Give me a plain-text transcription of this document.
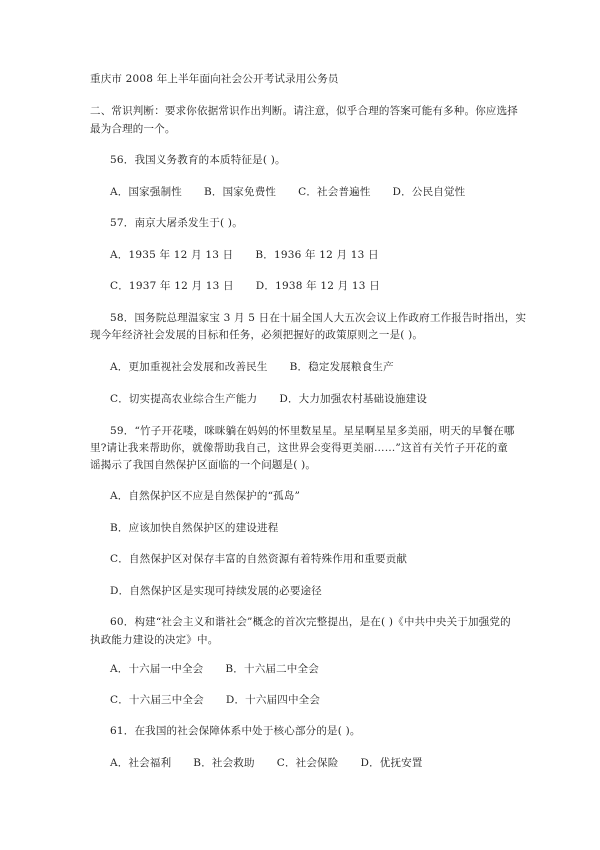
重庆市 2008 年上半年面向社会公开考试录用公务员
二、常识判断：要求你依据常识作出判断。请注意，似乎合理的答案可能有多种。你应选择
最为合理的一个。
56．我国义务教育的本质特征是( )。
A．国家强制性 B．国家免费性 C．社会普遍性 D．公民自觉性
57．南京大屠杀发生于( )。
A．1935 年 12 月 13 日 B．1936 年 12 月 13 日
C．1937 年 12 月 13 日 D．1938 年 12 月 13 日
58．国务院总理温家宝 3 月 5 日在十届全国人大五次会议上作政府工作报告时指出，实
现今年经济社会发展的目标和任务，必须把握好的政策原则之一是( )。
A．更加重视社会发展和改善民生 B．稳定发展粮食生产
C．切实提高农业综合生产能力 D．大力加强农村基础设施建设
59．“竹子开花喽，咪咪躺在妈妈的怀里数星星。星星啊星星多美丽，明天的早餐在哪
里?请让我来帮助你，就像帮助我自己，这世界会变得更美丽……”这首有关竹子开花的童
谣揭示了我国自然保护区面临的一个问题是( )。
A．自然保护区不应是自然保护的“孤岛”
B．应该加快自然保护区的建设进程
C．自然保护区对保存丰富的自然资源有着特殊作用和重要贡献
D．自然保护区是实现可持续发展的必要途径
60．构建“社会主义和谐社会”概念的首次完整提出，是在( )《中共中央关于加强党的
执政能力建设的决定》中。
A．十六届一中全会 B．十六届二中全会
C．十六届三中全会 D．十六届四中全会
61．在我国的社会保障体系中处于核心部分的是( )。
A．社会福利 B．社会救助 C．社会保险 D．优抚安置
